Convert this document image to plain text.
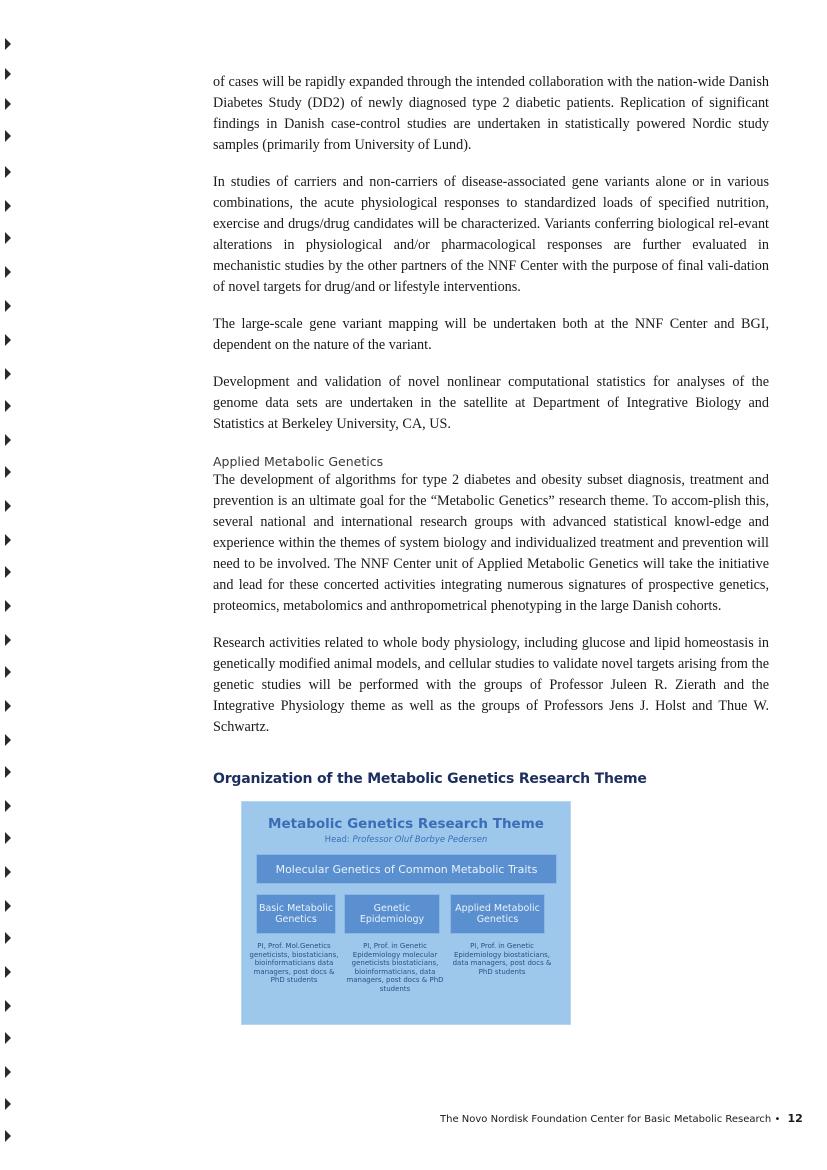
of cases will be rapidly expanded through the intended collaboration with the nation-wide Danish Diabetes Study (DD2) of newly diagnosed type 2 diabetic patients. Replication of significant findings in Danish case-control studies are undertaken in statistically powered Nordic study samples (primarily from University of Lund).

In studies of carriers and non-carriers of disease-associated gene variants alone or in various combinations, the acute physiological responses to standardized loads of specified nutrition, exercise and drugs/drug candidates will be characterized. Variants conferring biological rel-evant alterations in physiological and/or pharmacological responses are further evaluated in mechanistic studies by the other partners of the NNF Center with the purpose of final vali-dation of novel targets for drug/and or lifestyle interventions.

The large-scale gene variant mapping will be undertaken both at the NNF Center and BGI, dependent on the nature of the variant.

Development and validation of novel nonlinear computational statistics for analyses of the genome data sets are undertaken in the satellite at Department of Integrative Biology and Statistics at Berkeley University, CA, US.

Applied Metabolic Genetics

The development of algorithms for type 2 diabetes and obesity subset diagnosis, treatment and prevention is an ultimate goal for the “Metabolic Genetics” research theme. To accom-plish this, several national and international research groups with advanced statistical knowl-edge and experience within the themes of system biology and individualized treatment and prevention will need to be involved. The NNF Center unit of Applied Metabolic Genetics will take the initiative and lead for these concerted activities integrating numerous signatures of prospective genetics, proteomics, metabolomics and anthropometrical phenotyping in the large Danish cohorts.

Research activities related to whole body physiology, including glucose and lipid homeostasis in genetically modified animal models, and cellular studies to validate novel targets arising from the genetic studies will be performed with the groups of Professor Juleen R. Zierath and the Integrative Physiology theme as well as the groups of Professors Jens J. Holst and Thue W. Schwartz.

Organization of the Metabolic Genetics Research Theme
Metabolic Genetics Research Theme
Head: Professor Oluf Borbye Pedersen
Molecular Genetics of Common Metabolic Traits
Basic Metabolic Genetics
Genetic Epidemiology
Applied Metabolic Genetics
PI, Prof. Mol.Genetics geneticists, biostaticians, bioinformaticians data managers, post docs & PhD students
PI, Prof. in Genetic Epidemiology molecular geneticists biostaticians, bioinformaticians, data managers, post docs & PhD students
PI, Prof. in Genetic Epidemiology biostaticians, data managers, post docs & PhD students
The Novo Nordisk Foundation Center for Basic Metabolic Research • 12
